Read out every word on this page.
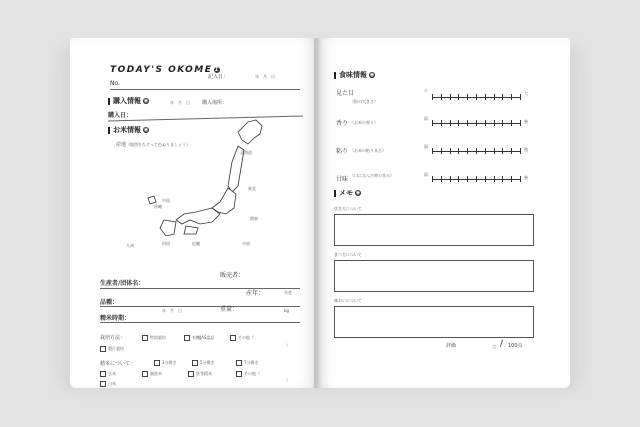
TODAY'S OKOME 1
No.
記入日：	年　月　日
購入情報 ◉	年　月　日 購入場所：
購入日：
お米情報 ◉
産地 （地図をなぞって色ぬりましょう）
沖縄
北海道
東北
関東
中部
近畿
中国
四国
九州
販売者：
生産者/団体名：
産年：	年産
品種：
重量：	kg
精米時期：
年　月　日
栽培方法：	特別栽培	有機JAS認証	その他（
）
慣行栽培
精米について：	3分搗き	5分搗き	7分搗き
玄米	無洗米	胚芽精米	その他（
）
白米
食味情報 ◉
見た目
（粒の大きさ）
小
大
香り （お米の香り）
弱
強
粘り （お米の粘り具合）
弱
強
甘味
（口に含んだ時の甘み）	弱
強
メモ ◉
炊き方について
食べ方について
味わいについて
評価	点 / 100点
